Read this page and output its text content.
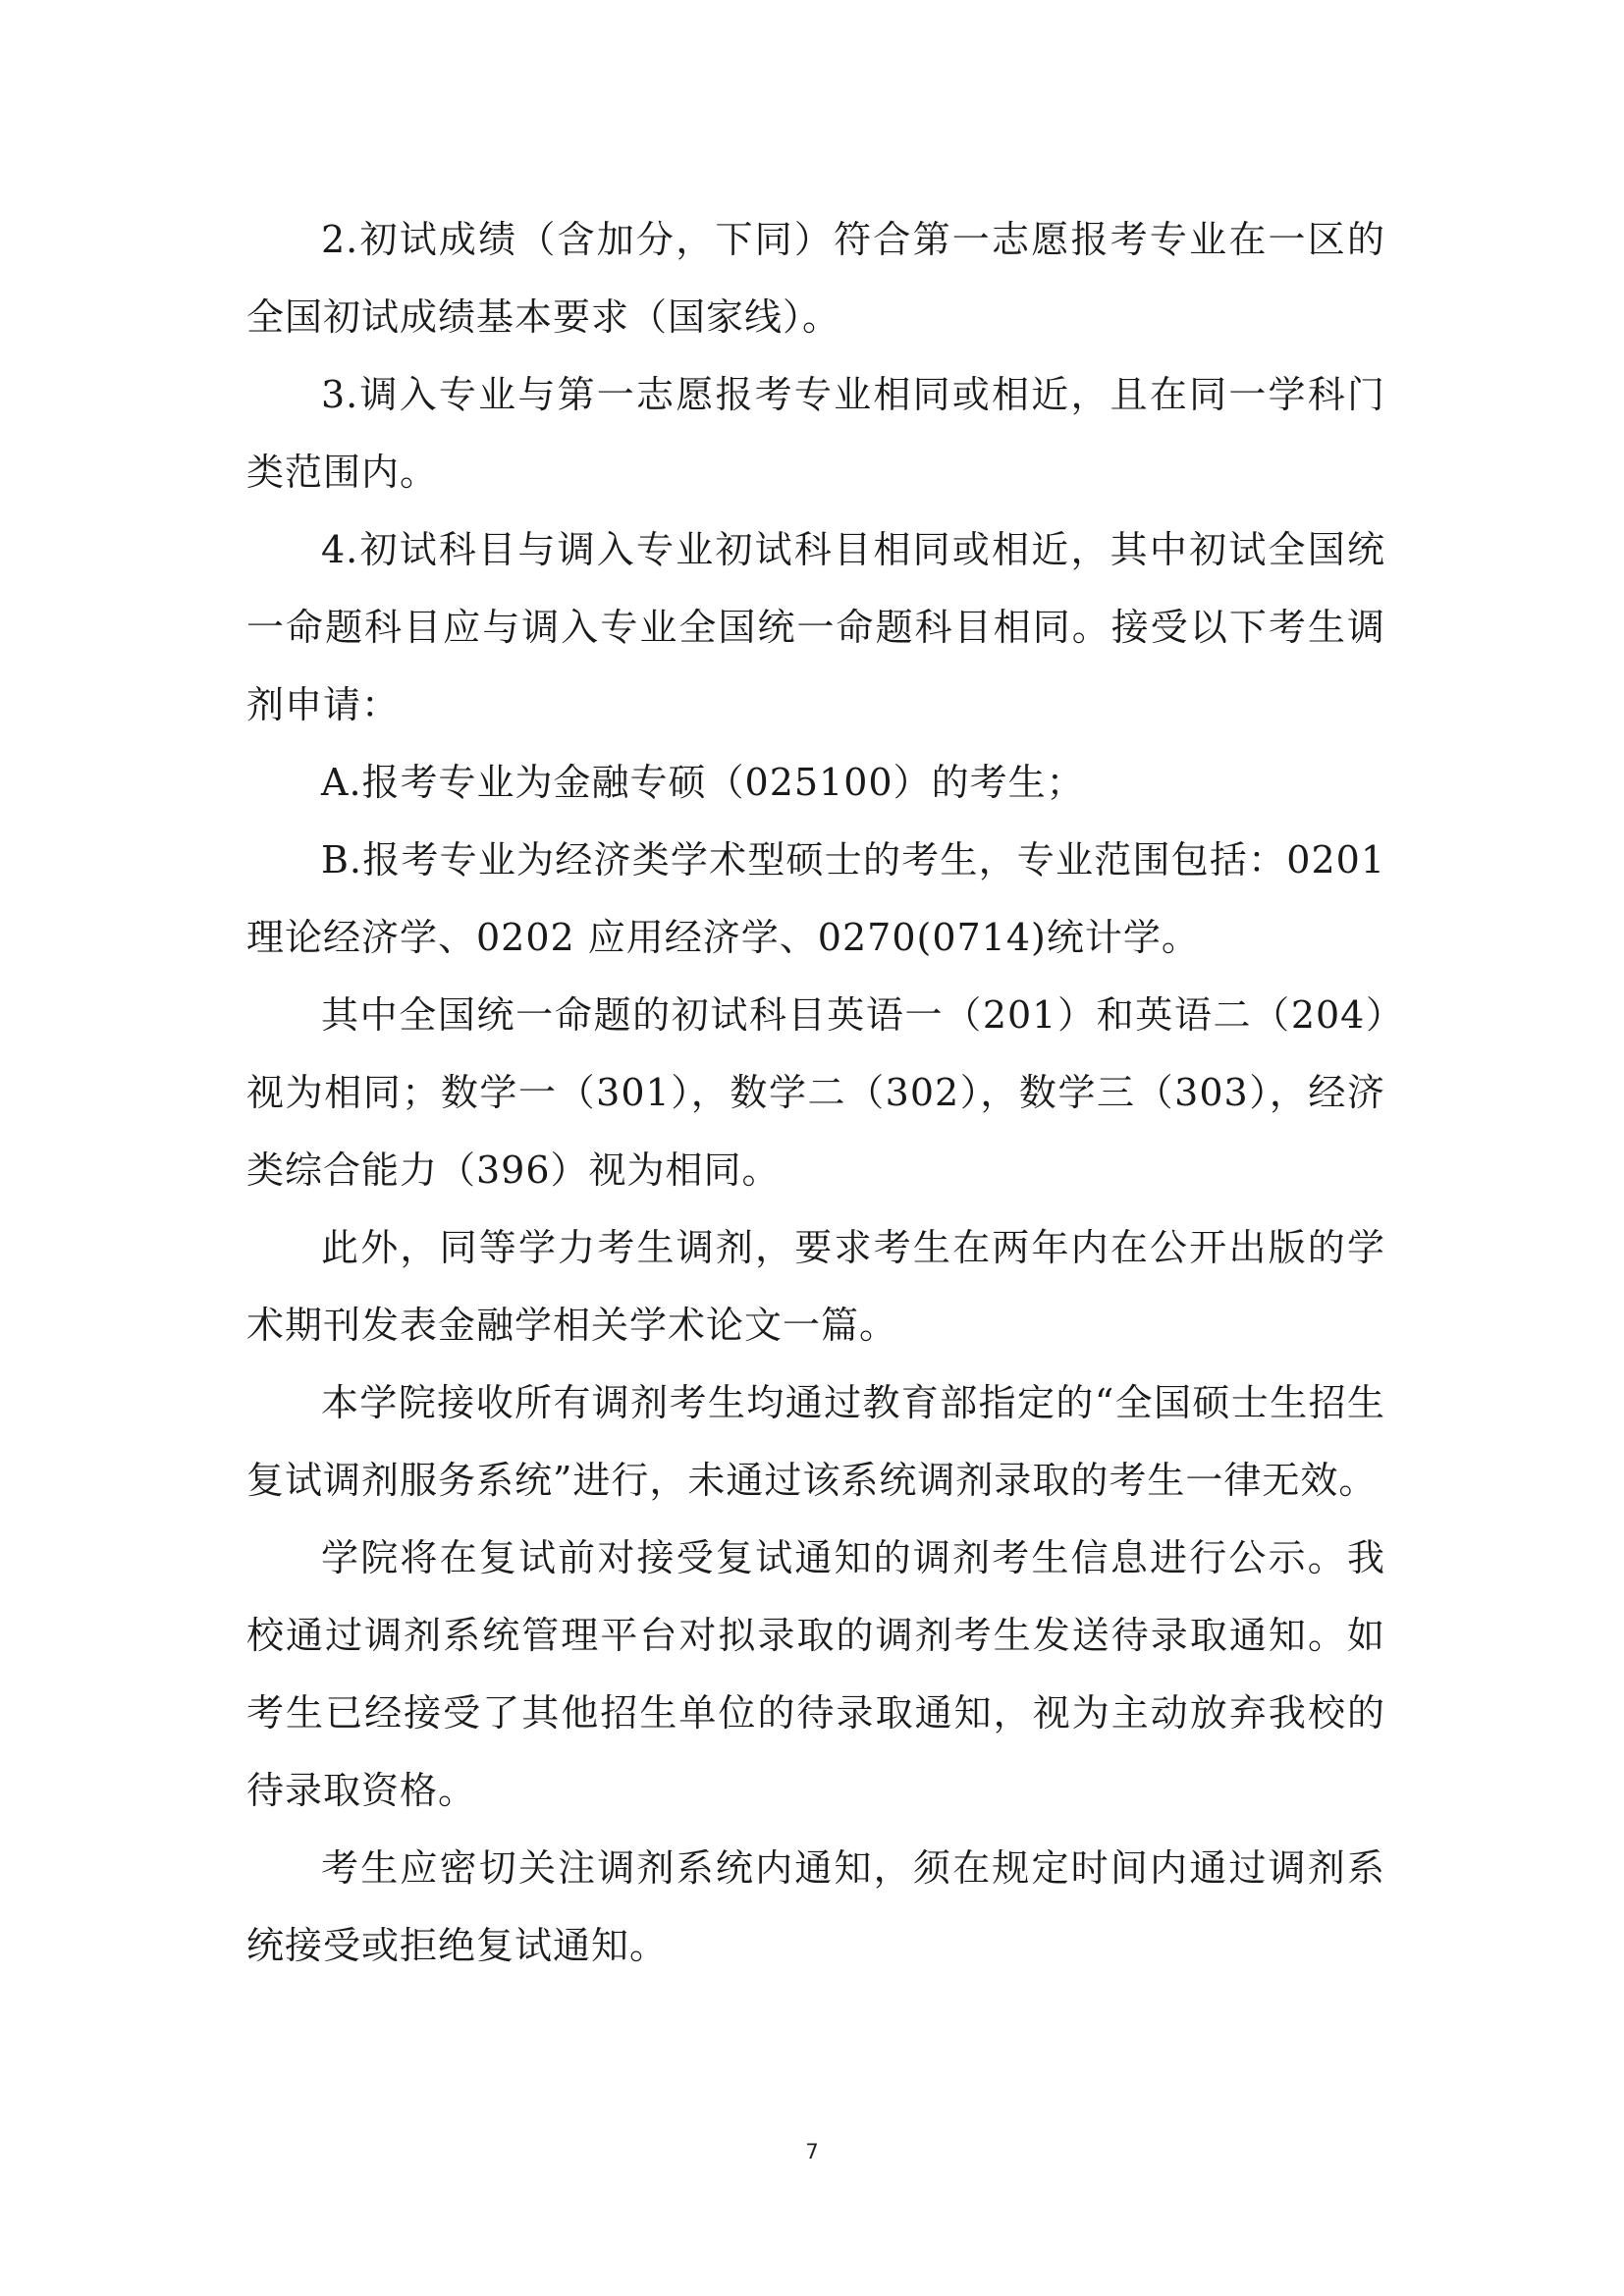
2.初试成绩（含加分，下同）符合第一志愿报考专业在一区的全国初试成绩基本要求（国家线）。

3.调入专业与第一志愿报考专业相同或相近，且在同一学科门类范围内。

4.初试科目与调入专业初试科目相同或相近，其中初试全国统一命题科目应与调入专业全国统一命题科目相同。接受以下考生调剂申请：

A.报考专业为金融专硕（025100）的考生；

B.报考专业为经济类学术型硕士的考生，专业范围包括：0201 理论经济学、0202 应用经济学、0270(0714)统计学。

其中全国统一命题的初试科目英语一（201）和英语二（204）视为相同；数学一（301），数学二（302），数学三（303），经济类综合能力（396）视为相同。

此外，同等学力考生调剂，要求考生在两年内在公开出版的学术期刊发表金融学相关学术论文一篇。

本学院接收所有调剂考生均通过教育部指定的“全国硕士生招生复试调剂服务系统”进行，未通过该系统调剂录取的考生一律无效。

学院将在复试前对接受复试通知的调剂考生信息进行公示。我校通过调剂系统管理平台对拟录取的调剂考生发送待录取通知。如考生已经接受了其他招生单位的待录取通知，视为主动放弃我校的待录取资格。

考生应密切关注调剂系统内通知，须在规定时间内通过调剂系统接受或拒绝复试通知。

7
